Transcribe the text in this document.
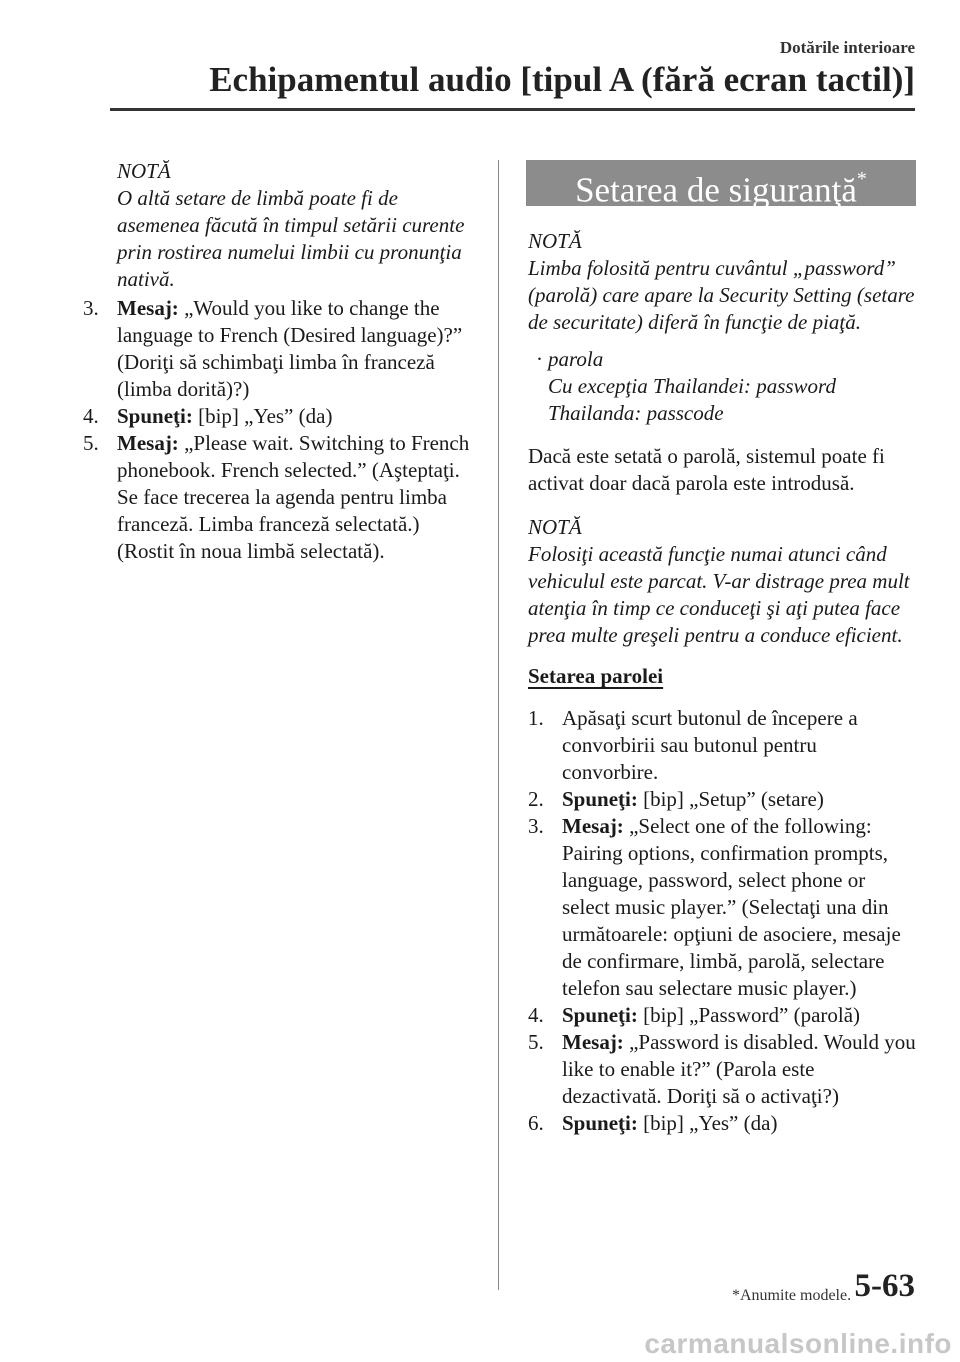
Dotările interioare
Echipamentul audio [tipul A (fără ecran tactil)]

NOTĂ

O altă setare de limbă poate fi de asemenea făcută în timpul setării curente prin rostirea numelui limbii cu pronunţia nativă.

3. Mesaj: „Would you like to change the language to French (Desired language)?” (Doriţi să schimbaţi limba în franceză (limba dorită)?)
4. Spuneţi: [bip] „Yes” (da)
5. Mesaj: „Please wait. Switching to French phonebook. French selected.” (Aşteptaţi. Se face trecerea la agenda pentru limba franceză. Limba franceză selectată.) (Rostit în noua limbă selectată).
Setarea de siguranţă*

NOTĂ

Limba folosită pentru cuvântul „password” (parolă) care apare la Security Setting (setare de securitate) diferă în funcţie de piaţă.

· parola

Cu excepţia Thailandei: password

Thailanda: passcode

Dacă este setată o parolă, sistemul poate fi activat doar dacă parola este introdusă.

NOTĂ

Folosiţi această funcţie numai atunci când vehiculul este parcat. V-ar distrage prea mult atenţia în timp ce conduceţi şi aţi putea face prea multe greşeli pentru a conduce eficient.

Setarea parolei

1. Apăsaţi scurt butonul de începere a convorbirii sau butonul pentru convorbire.
2. Spuneţi: [bip] „Setup” (setare)
3. Mesaj: „Select one of the following: Pairing options, confirmation prompts, language, password, select phone or select music player.” (Selectaţi una din următoarele: opţiuni de asociere, mesaje de confirmare, limbă, parolă, selectare telefon sau selectare music player.)
4. Spuneţi: [bip] „Password” (parolă)
5. Mesaj: „Password is disabled. Would you like to enable it?” (Parola este dezactivată. Doriţi să o activaţi?)
6. Spuneţi: [bip] „Yes” (da)
*Anumite modele. 5-63
carmanualsonline.info
